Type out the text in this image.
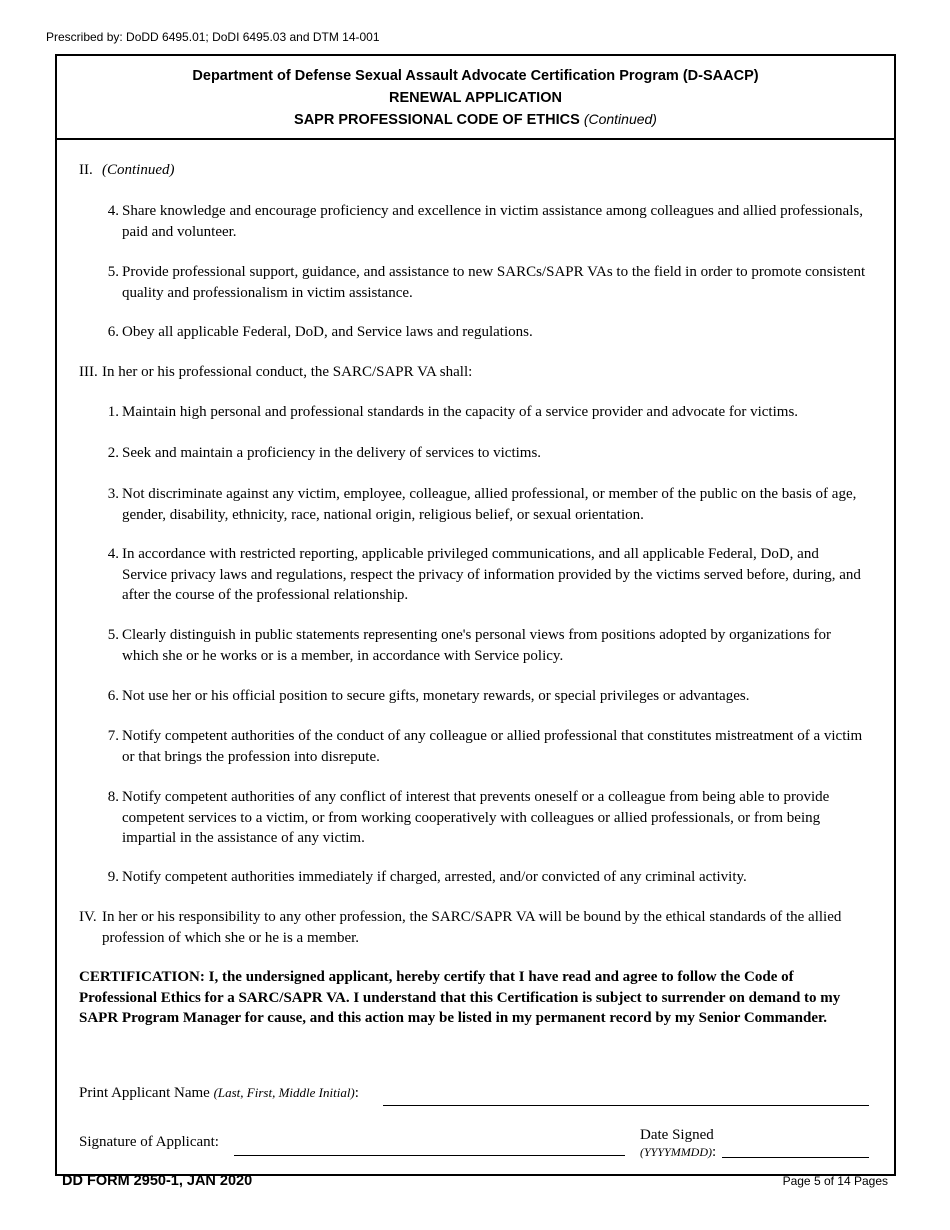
Prescribed by: DoDD 6495.01; DoDI 6495.03 and DTM 14-001
Department of Defense Sexual Assault Advocate Certification Program (D-SAACP)
RENEWAL APPLICATION
SAPR PROFESSIONAL CODE OF ETHICS (Continued)
II. (Continued)
4. Share knowledge and encourage proficiency and excellence in victim assistance among colleagues and allied professionals, paid and volunteer.
5. Provide professional support, guidance, and assistance to new SARCs/SAPR VAs to the field in order to promote consistent quality and professionalism in victim assistance.
6. Obey all applicable Federal, DoD, and Service laws and regulations.
III. In her or his professional conduct, the SARC/SAPR VA shall:
1. Maintain high personal and professional standards in the capacity of a service provider and advocate for victims.
2. Seek and maintain a proficiency in the delivery of services to victims.
3. Not discriminate against any victim, employee, colleague, allied professional, or member of the public on the basis of age, gender, disability, ethnicity, race, national origin, religious belief, or sexual orientation.
4. In accordance with restricted reporting, applicable privileged communications, and all applicable Federal, DoD, and Service privacy laws and regulations, respect the privacy of information provided by the victims served before, during, and after the course of the professional relationship.
5. Clearly distinguish in public statements representing one's personal views from positions adopted by organizations for which she or he works or is a member, in accordance with Service policy.
6. Not use her or his official position to secure gifts, monetary rewards, or special privileges or advantages.
7. Notify competent authorities of the conduct of any colleague or allied professional that constitutes mistreatment of a victim or that brings the profession into disrepute.
8. Notify competent authorities of any conflict of interest that prevents oneself or a colleague from being able to provide competent services to a victim, or from working cooperatively with colleagues or allied professionals, or from being impartial in the assistance of any victim.
9. Notify competent authorities immediately if charged, arrested, and/or convicted of any criminal activity.
IV. In her or his responsibility to any other profession, the SARC/SAPR VA will be bound by the ethical standards of the allied profession of which she or he is a member.
CERTIFICATION: I, the undersigned applicant, hereby certify that I have read and agree to follow the Code of Professional Ethics for a SARC/SAPR VA. I understand that this Certification is subject to surrender on demand to my SAPR Program Manager for cause, and this action may be listed in my permanent record by my Senior Commander.
Print Applicant Name (Last, First, Middle Initial):
Signature of Applicant:	Date Signed
(YYYYMMDD):
DD FORM 2950-1, JAN 2020	Page 5 of 14 Pages
